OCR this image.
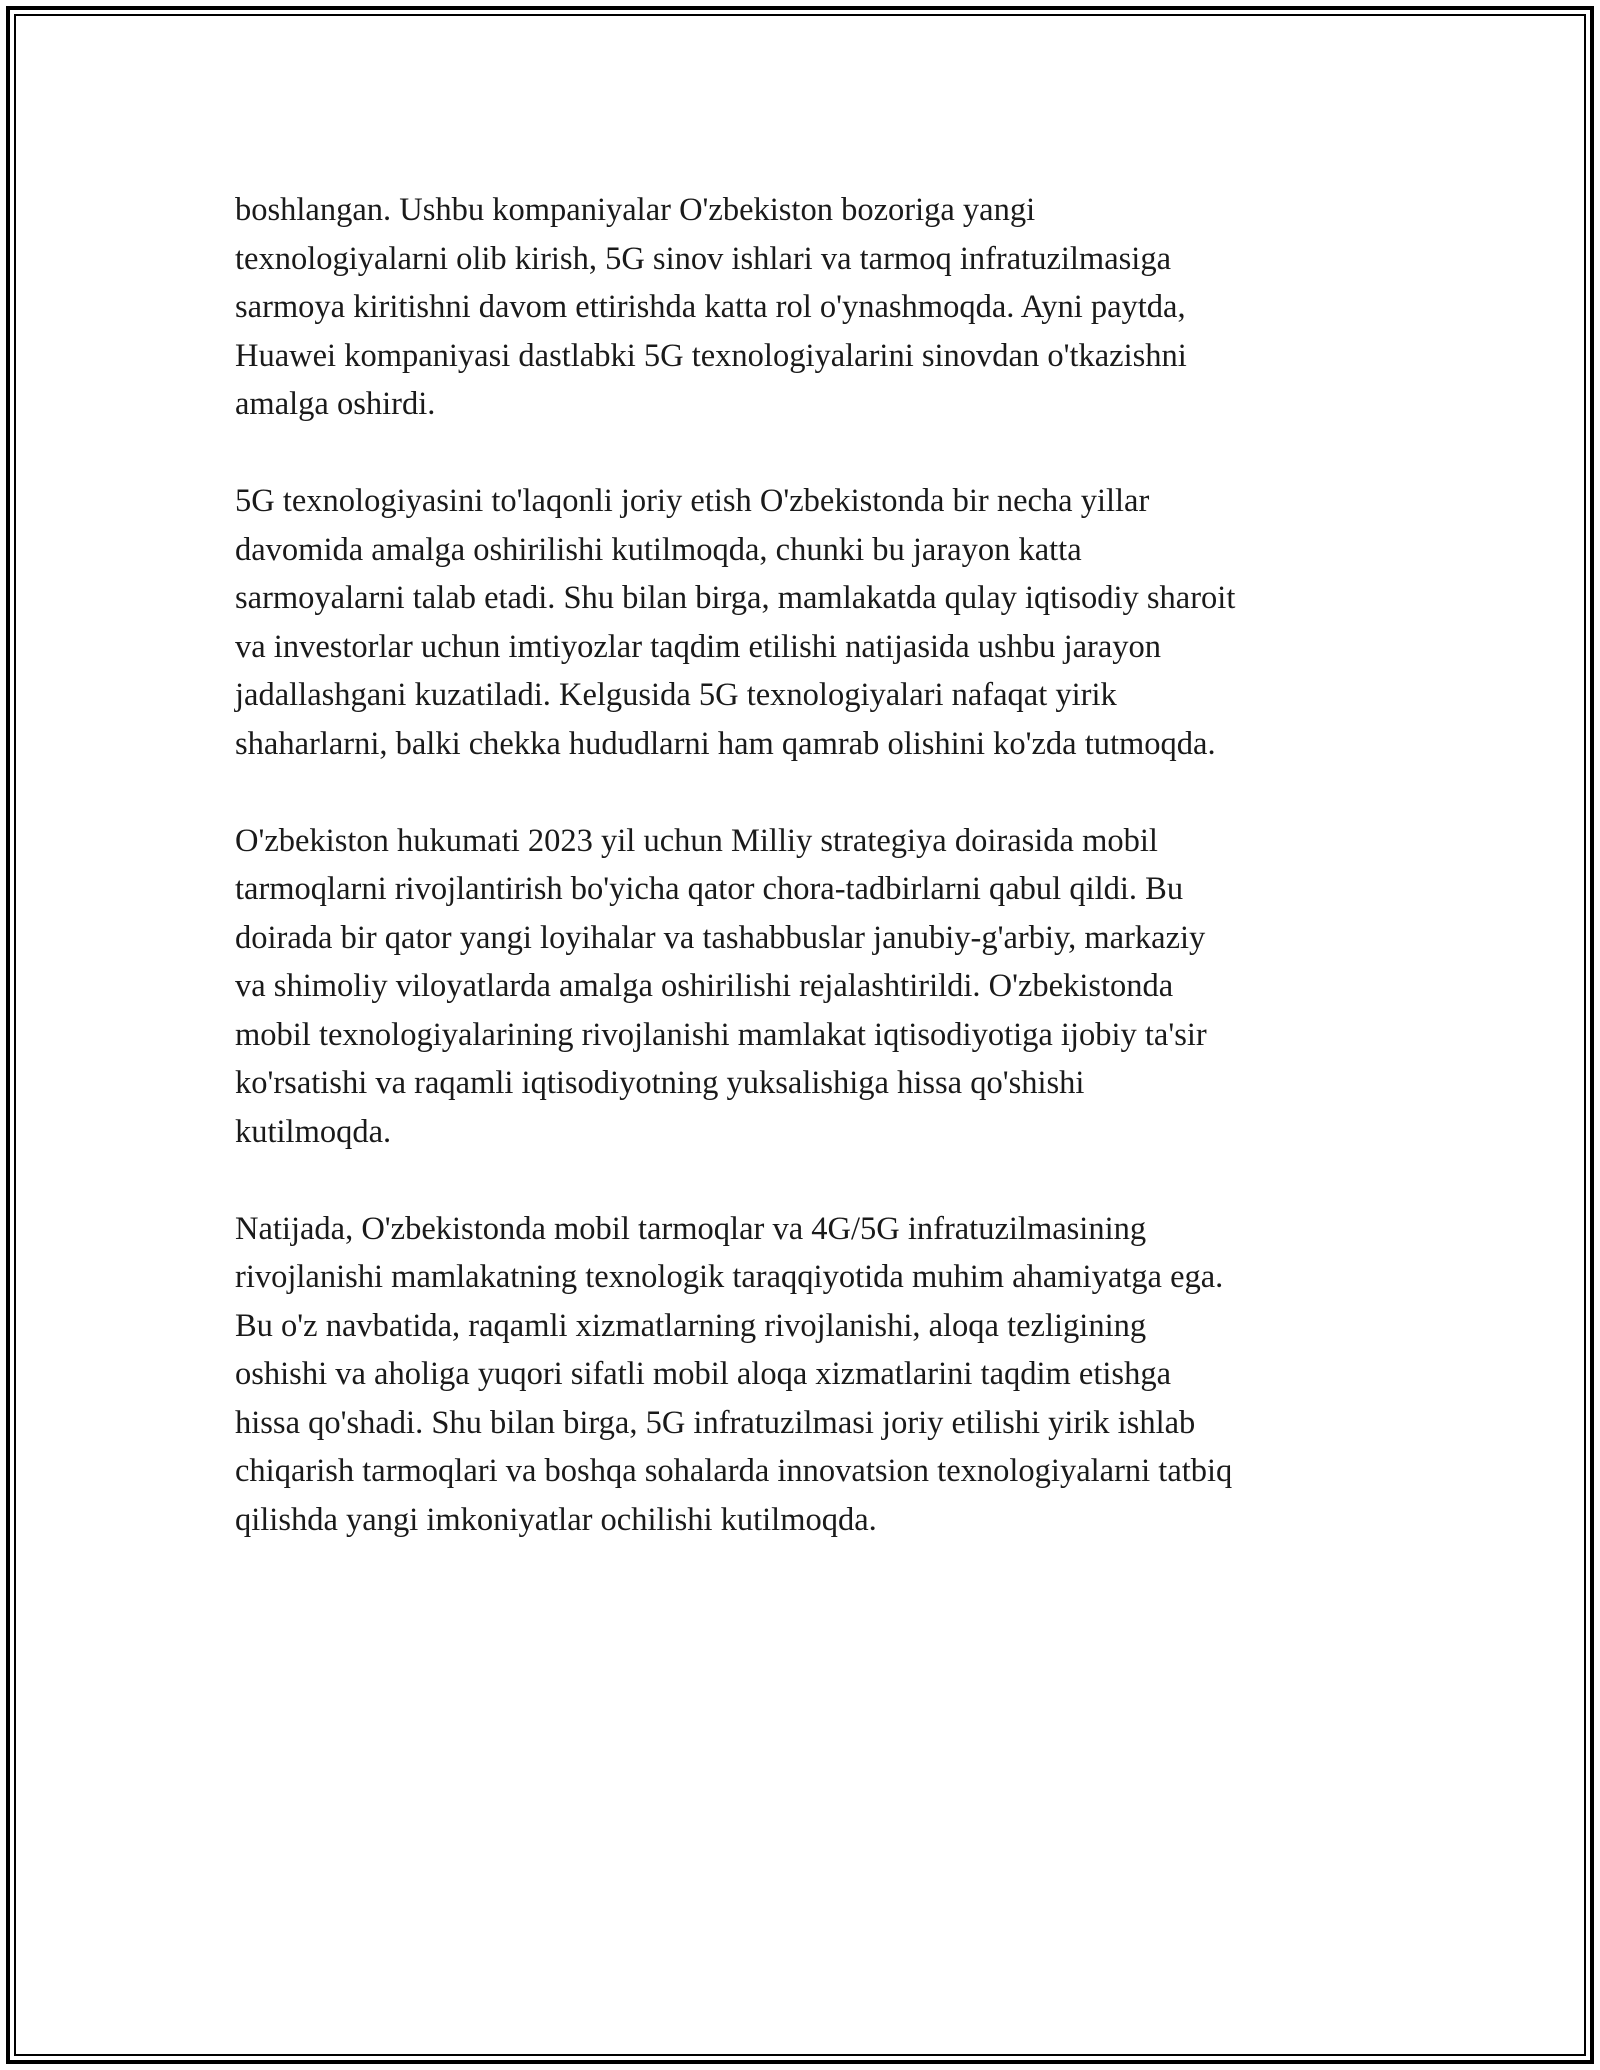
boshlangan. Ushbu kompaniyalar O'zbekiston bozoriga yangi
texnologiyalarni olib kirish, 5G sinov ishlari va tarmoq infratuzilmasiga
sarmoya kiritishni davom ettirishda katta rol o'ynashmoqda. Ayni paytda,
Huawei kompaniyasi dastlabki 5G texnologiyalarini sinovdan o'tkazishni
amalga oshirdi.

5G texnologiyasini to'laqonli joriy etish O'zbekistonda bir necha yillar
davomida amalga oshirilishi kutilmoqda, chunki bu jarayon katta
sarmoyalarni talab etadi. Shu bilan birga, mamlakatda qulay iqtisodiy sharoit
va investorlar uchun imtiyozlar taqdim etilishi natijasida ushbu jarayon
jadallashgani kuzatiladi. Kelgusida 5G texnologiyalari nafaqat yirik
shaharlarni, balki chekka hududlarni ham qamrab olishini ko'zda tutmoqda.

O'zbekiston hukumati 2023 yil uchun Milliy strategiya doirasida mobil
tarmoqlarni rivojlantirish bo'yicha qator chora-tadbirlarni qabul qildi. Bu
doirada bir qator yangi loyihalar va tashabbuslar janubiy-g'arbiy, markaziy
va shimoliy viloyatlarda amalga oshirilishi rejalashtirildi. O'zbekistonda
mobil texnologiyalarining rivojlanishi mamlakat iqtisodiyotiga ijobiy ta'sir
ko'rsatishi va raqamli iqtisodiyotning yuksalishiga hissa qo'shishi
kutilmoqda.

Natijada, O'zbekistonda mobil tarmoqlar va 4G/5G infratuzilmasining
rivojlanishi mamlakatning texnologik taraqqiyotida muhim ahamiyatga ega.
Bu o'z navbatida, raqamli xizmatlarning rivojlanishi, aloqa tezligining
oshishi va aholiga yuqori sifatli mobil aloqa xizmatlarini taqdim etishga
hissa qo'shadi. Shu bilan birga, 5G infratuzilmasi joriy etilishi yirik ishlab
chiqarish tarmoqlari va boshqa sohalarda innovatsion texnologiyalarni tatbiq
qilishda yangi imkoniyatlar ochilishi kutilmoqda.
